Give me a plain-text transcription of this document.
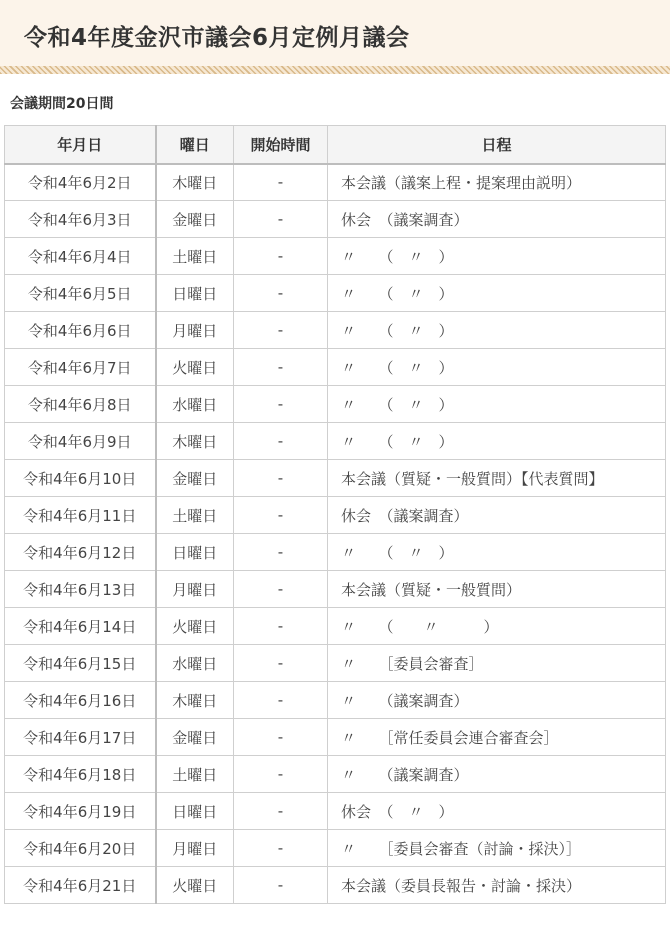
令和4年度金沢市議会6月定例月議会
会議期間20日間
年月日	曜日	開始時間	日程
令和4年6月2日	木曜日	-	本会議（議案上程・提案理由説明）
令和4年6月3日	金曜日	-	休会　（議案調査）
令和4年6月4日	土曜日	-	〃　　（　〃　）
令和4年6月5日	日曜日	-	〃　　（　〃　）
令和4年6月6日	月曜日	-	〃　　（　〃　）
令和4年6月7日	火曜日	-	〃　　（　〃　）
令和4年6月8日	水曜日	-	〃　　（　〃　）
令和4年6月9日	木曜日	-	〃　　（　〃　）
令和4年6月10日	金曜日	-	本会議（質疑・一般質問）【代表質問】
令和4年6月11日	土曜日	-	休会　（議案調査）
令和4年6月12日	日曜日	-	〃　　（　〃　）
令和4年6月13日	月曜日	-	本会議（質疑・一般質問）
令和4年6月14日	火曜日	-	〃　　（　　〃　　　）
令和4年6月15日	水曜日	-	〃　　［委員会審査］
令和4年6月16日	木曜日	-	〃　　（議案調査）
令和4年6月17日	金曜日	-	〃　　［常任委員会連合審査会］
令和4年6月18日	土曜日	-	〃　　（議案調査）
令和4年6月19日	日曜日	-	休会　（　〃　）
令和4年6月20日	月曜日	-	〃　　［委員会審査（討論・採決）］
令和4年6月21日	火曜日	-	本会議（委員長報告・討論・採決）
